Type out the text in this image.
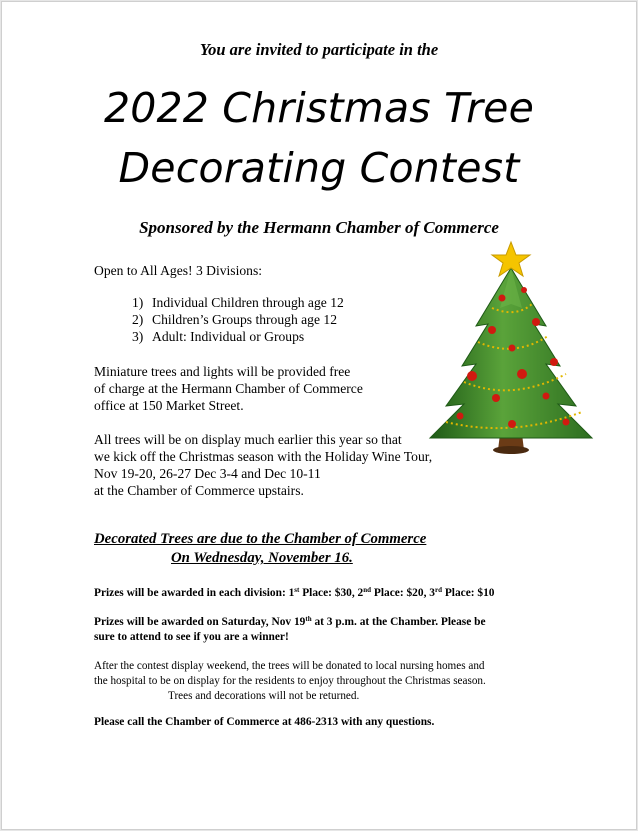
You are invited to participate in the
2022 Christmas Tree
Decorating Contest
Sponsored by the Hermann Chamber of Commerce
Open to All Ages! 3 Divisions:
1) Individual Children through age 12
2) Children’s Groups through age 12
3) Adult: Individual or Groups
Miniature trees and lights will be provided free
of charge at the Hermann Chamber of Commerce
office at 150 Market Street.
All trees will be on display much earlier this year so that
we kick off the Christmas season with the Holiday Wine Tour,
Nov 19-20, 26-27 Dec 3-4 and Dec 10-11
at the Chamber of Commerce upstairs.
Decorated Trees are due to the Chamber of Commerce
On Wednesday, November 16.
Prizes will be awarded in each division: 1st Place: $30, 2nd Place: $20, 3rd Place: $10
Prizes will be awarded on Saturday, Nov 19th at 3 p.m. at the Chamber. Please be
sure to attend to see if you are a winner!
After the contest display weekend, the trees will be donated to local nursing homes and
the hospital to be on display for the residents to enjoy throughout the Christmas season.
Trees and decorations will not be returned.
Please call the Chamber of Commerce at 486-2313 with any questions.
